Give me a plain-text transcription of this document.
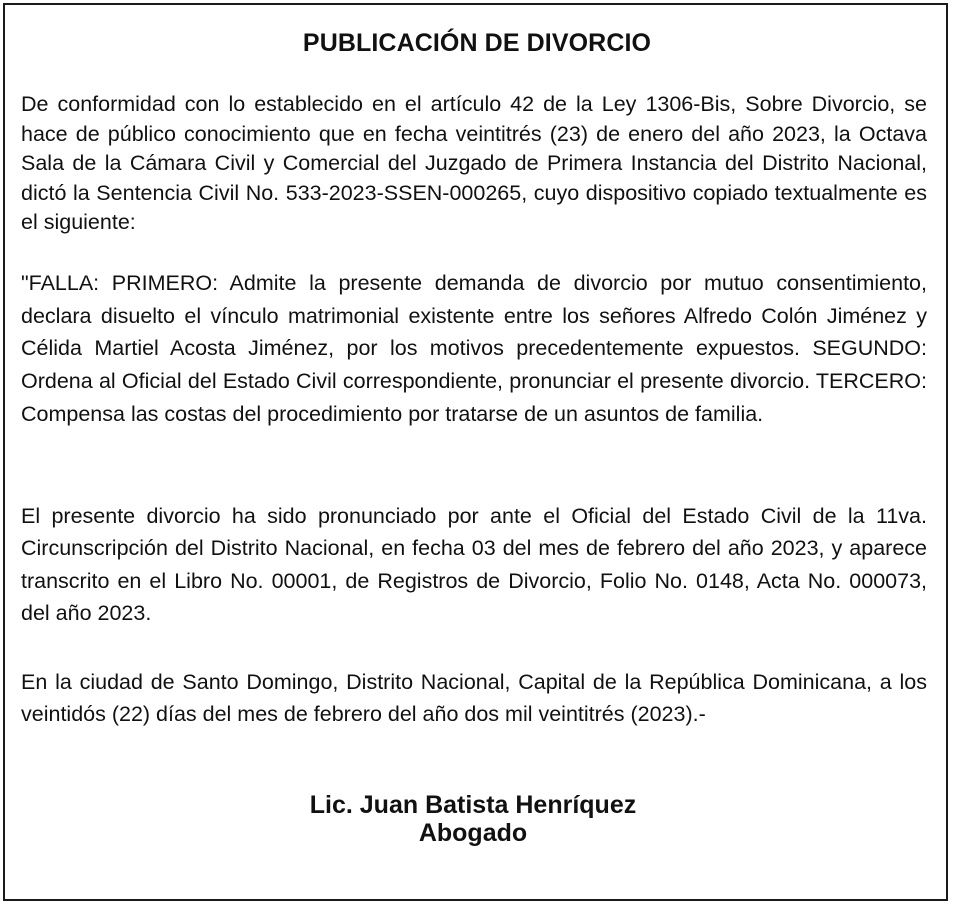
PUBLICACIÓN DE DIVORCIO
De conformidad con lo establecido en el artículo 42 de la Ley 1306-Bis, Sobre Divorcio, se hace de público conocimiento que en fecha veintitrés (23) de enero del año 2023, la Octava Sala de la Cámara Civil y Comercial del Juzgado de Primera Instancia del Distrito Nacional, dictó la Sentencia Civil No. 533-2023-SSEN-000265, cuyo dispositivo copiado textualmente es el siguiente:
"FALLA: PRIMERO: Admite la presente demanda de divorcio por mutuo consentimiento, declara disuelto el vínculo matrimonial existente entre los señores Alfredo Colón Jiménez y Célida Martiel Acosta Jiménez, por los motivos precedentemente expuestos. SEGUNDO: Ordena al Oficial del Estado Civil correspondiente, pronunciar el presente divorcio. TERCERO: Compensa las costas del procedimiento por tratarse de un asuntos de familia.
El presente divorcio ha sido pronunciado por ante el Oficial del Estado Civil de la 11va. Circunscripción del Distrito Nacional, en fecha 03 del mes de febrero del año 2023, y aparece transcrito en el Libro No. 00001, de Registros de Divorcio, Folio No. 0148, Acta No. 000073, del año 2023.
En la ciudad de Santo Domingo, Distrito Nacional, Capital de la República Dominicana, a los veintidós (22) días del mes de febrero del año dos mil veintitrés (2023).-
Lic. Juan Batista Henríquez
Abogado
